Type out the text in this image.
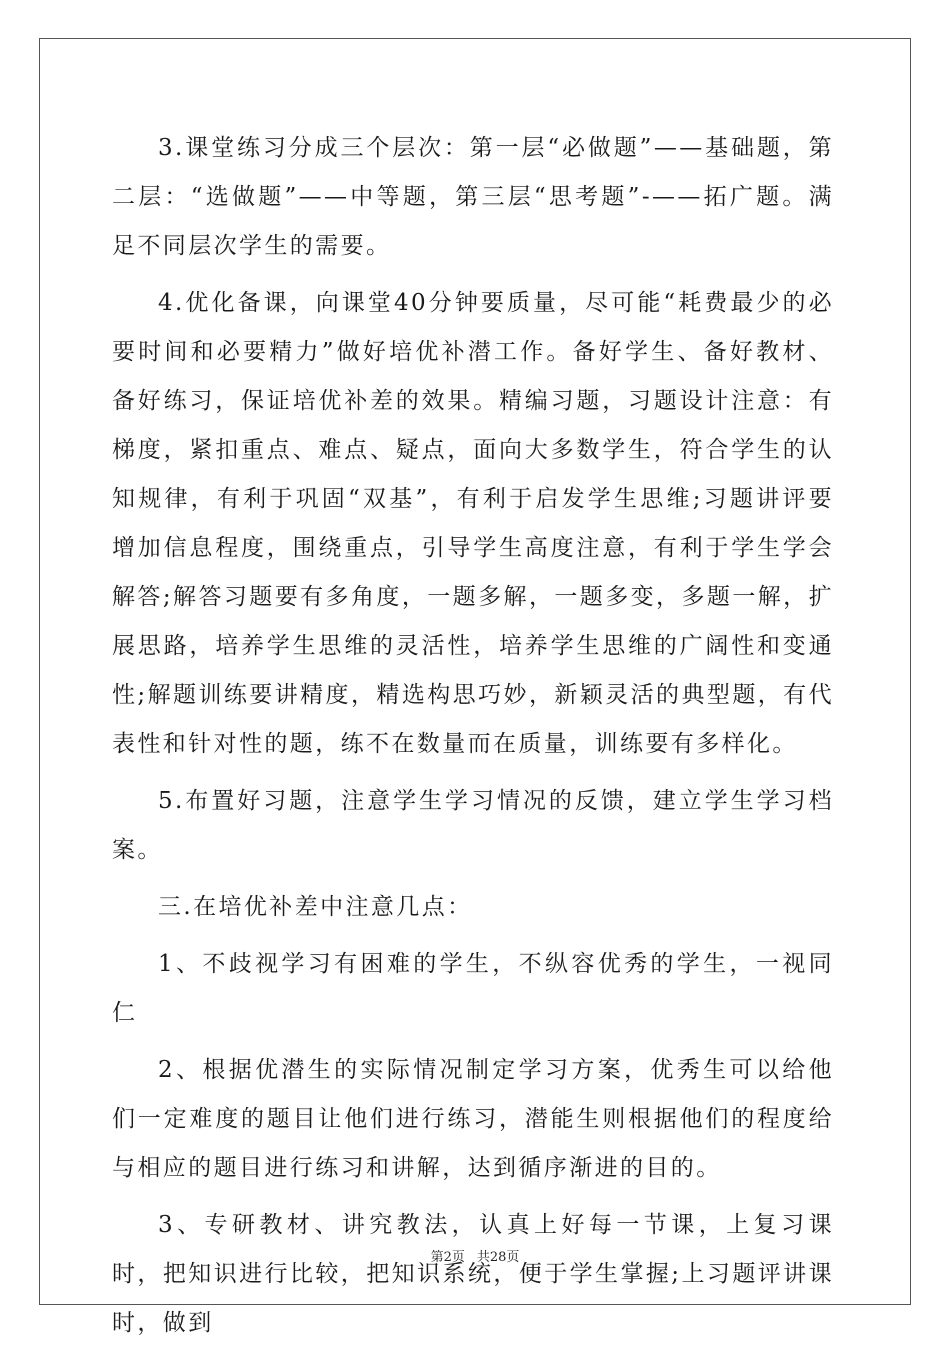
3.课堂练习分成三个层次：第一层“必做题”——基础题，第二层：“选做题”——中等题，第三层“思考题”-——拓广题。满足不同层次学生的需要。

4.优化备课，向课堂40分钟要质量，尽可能“耗费最少的必要时间和必要精力”做好培优补潜工作。备好学生、备好教材、备好练习，保证培优补差的效果。精编习题，习题设计注意：有梯度，紧扣重点、难点、疑点，面向大多数学生，符合学生的认知规律，有利于巩固“双基”，有利于启发学生思维;习题讲评要增加信息程度，围绕重点，引导学生高度注意，有利于学生学会解答;解答习题要有多角度，一题多解，一题多变，多题一解，扩展思路，培养学生思维的灵活性，培养学生思维的广阔性和变通性;解题训练要讲精度，精选构思巧妙，新颖灵活的典型题，有代表性和针对性的题，练不在数量而在质量，训练要有多样化。

5.布置好习题，注意学生学习情况的反馈，建立学生学习档案。

三.在培优补差中注意几点：

1、不歧视学习有困难的学生，不纵容优秀的学生，一视同仁

2、根据优潜生的实际情况制定学习方案，优秀生可以给他们一定难度的题目让他们进行练习，潜能生则根据他们的程度给与相应的题目进行练习和讲解，达到循序渐进的目的。

3、专研教材、讲究教法，认真上好每一节课，上复习课时，把知识进行比较，把知识系统，便于学生掌握;上习题评讲课时，做到

第2页 共28页
